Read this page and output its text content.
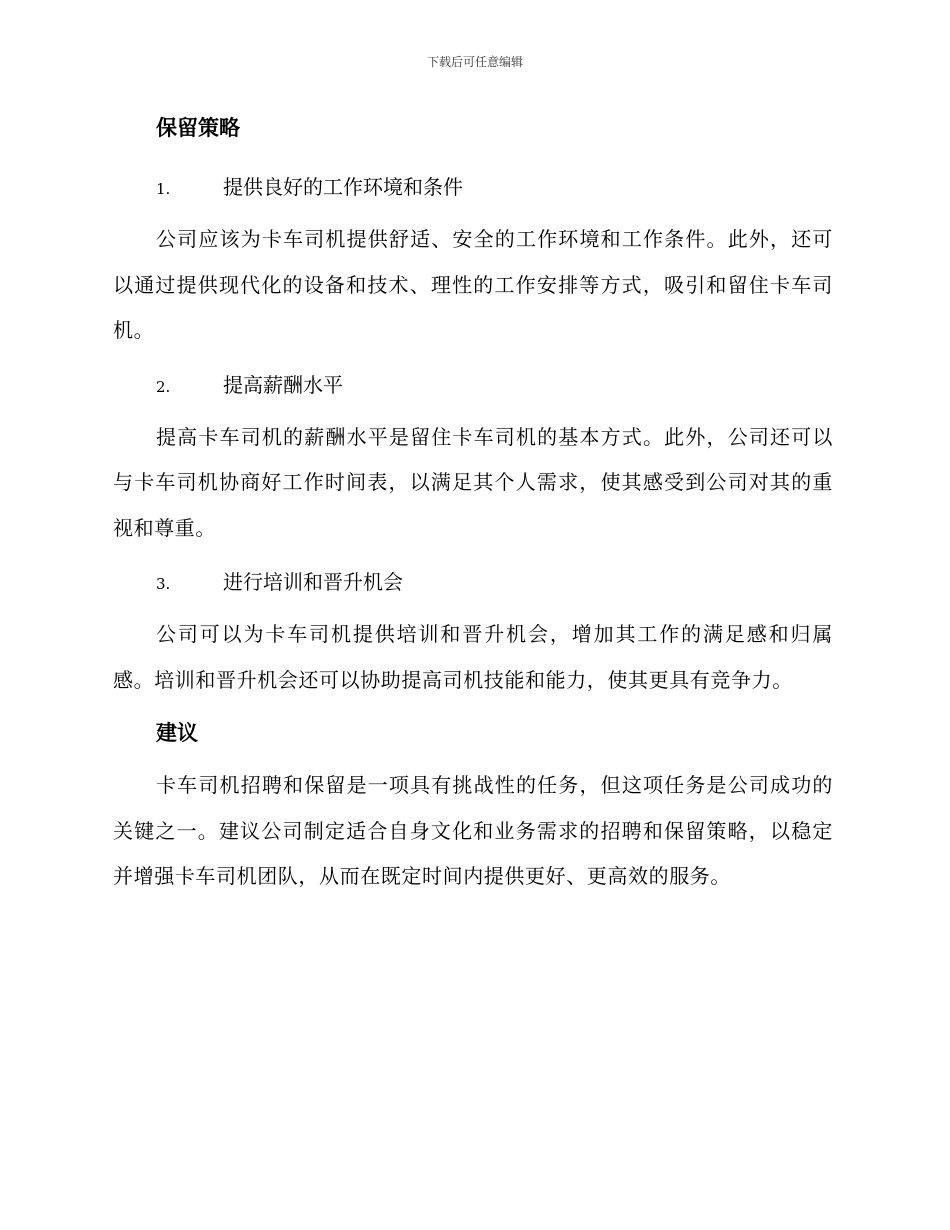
下载后可任意编辑
保留策略
1.	提供良好的工作环境和条件

公司应该为卡车司机提供舒适、安全的工作环境和工作条件。此外，还可以通过提供现代化的设备和技术、理性的工作安排等方式，吸引和留住卡车司机。

2.	提高薪酬水平

提高卡车司机的薪酬水平是留住卡车司机的基本方式。此外，公司还可以与卡车司机协商好工作时间表，以满足其个人需求，使其感受到公司对其的重视和尊重。

3.	进行培训和晋升机会

公司可以为卡车司机提供培训和晋升机会，增加其工作的满足感和归属感。培训和晋升机会还可以协助提高司机技能和能力，使其更具有竞争力。

建议

卡车司机招聘和保留是一项具有挑战性的任务，但这项任务是公司成功的关键之一。建议公司制定适合自身文化和业务需求的招聘和保留策略，以稳定并增强卡车司机团队，从而在既定时间内提供更好、更高效的服务。
